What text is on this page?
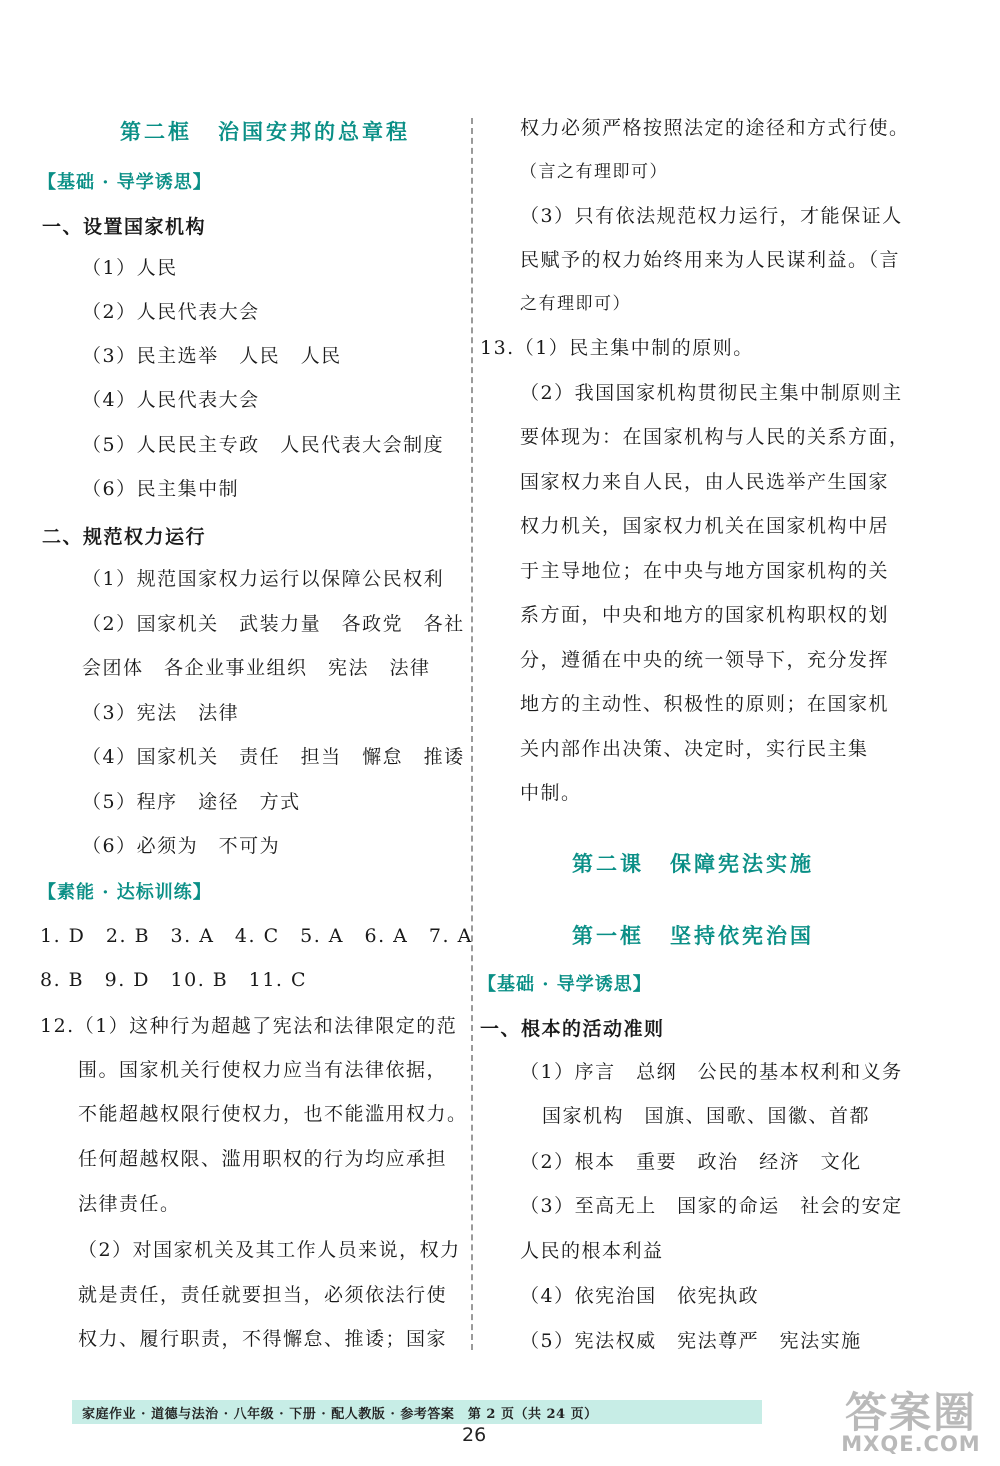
第二框 治国安邦的总章程
【基础 · 导学诱思】
一、设置国家机构
（1）人民
（2）人民代表大会
（3）民主选举　人民　人民
（4）人民代表大会
（5）人民民主专政　人民代表大会制度
（6）民主集中制
二、规范权力运行
（1）规范国家权力运行以保障公民权利
（2）国家机关　武装力量　各政党　各社
会团体　各企业事业组织　宪法　法律
（3）宪法　法律
（4）国家机关　责任　担当　懈怠　推诿
（5）程序　途径　方式
（6）必须为　不可为
【素能 · 达标训练】
1. D　2. B　3. A　4. C　5. A　6. A　7. A
8. B　9. D　10. B　11. C
12.（1）这种行为超越了宪法和法律限定的范
围。国家机关行使权力应当有法律依据，
不能超越权限行使权力，也不能滥用权力。
任何超越权限、滥用职权的行为均应承担
法律责任。
（2）对国家机关及其工作人员来说，权力
就是责任，责任就要担当，必须依法行使
权力、履行职责，不得懈怠、推诿；国家
权力必须严格按照法定的途径和方式行使。
（言之有理即可）
（3）只有依法规范权力运行，才能保证人
民赋予的权力始终用来为人民谋利益。（言
之有理即可）
13.（1）民主集中制的原则。
（2）我国国家机构贯彻民主集中制原则主
要体现为：在国家机构与人民的关系方面，
国家权力来自人民，由人民选举产生国家
权力机关，国家权力机关在国家机构中居
于主导地位；在中央与地方国家机构的关
系方面，中央和地方的国家机构职权的划
分，遵循在中央的统一领导下，充分发挥
地方的主动性、积极性的原则；在国家机
关内部作出决策、决定时，实行民主集
中制。
第二课 保障宪法实施
第一框 坚持依宪治国
【基础 · 导学诱思】
一、根本的活动准则
（1）序言　总纲　公民的基本权利和义务
国家机构　国旗、国歌、国徽、首都
（2）根本　重要　政治　经济　文化
（3）至高无上　国家的命运　社会的安定
人民的根本利益
（4）依宪治国　依宪执政
（5）宪法权威　宪法尊严　宪法实施
家庭作业 · 道德与法治 · 八年级 · 下册 · 配人教版 · 参考答案　第 2 页（共 24 页）
26	答案圈
MXQE.COM
